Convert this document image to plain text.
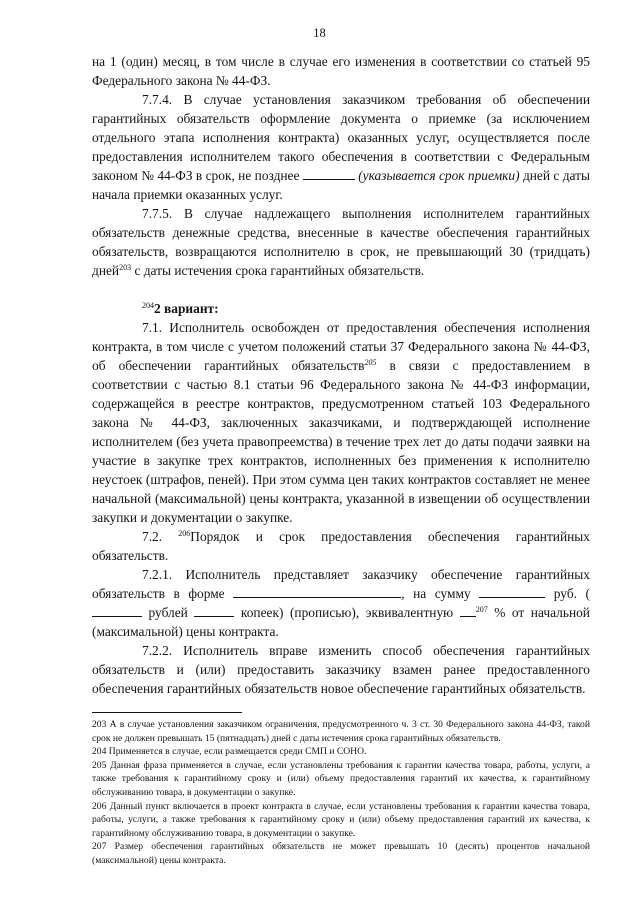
18

на 1 (один) месяц, в том числе в случае его изменения в соответствии со статьей 95 Федерального закона № 44-ФЗ.

7.7.4. В случае установления заказчиком требования об обеспечении гарантийных обязательств оформление документа о приемке (за исключением отдельного этапа исполнения контракта) оказанных услуг, осуществляется после предоставления исполнителем такого обеспечения в соответствии с Федеральным законом № 44-ФЗ в срок, не позднее	(указывается срок приемки) дней с даты начала приемки оказанных услуг.

7.7.5. В случае надлежащего выполнения исполнителем гарантийных обязательств денежные средства, внесенные в качестве обеспечения гарантийных обязательств, возвращаются исполнителю в срок, не превышающий 30 (тридцать) дней$^{203}$ с даты истечения срока гарантийных обязательств.

$^{204}$2 вариант:

7.1. Исполнитель освобожден от предоставления обеспечения исполнения контракта, в том числе с учетом положений статьи 37 Федерального закона № 44-ФЗ, об обеспечении гарантийных обязательств$^{205}$ в связи с предоставлением в соответствии с частью 8.1 статьи 96 Федерального закона № 44-ФЗ информации, содержащейся в реестре контрактов, предусмотренном статьей 103 Федерального закона № 44-ФЗ, заключенных заказчиками, и подтверждающей исполнение исполнителем (без учета правопреемства) в течение трех лет до даты подачи заявки на участие в закупке трех контрактов, исполненных без применения к исполнителю неустоек (штрафов, пеней). При этом сумма цен таких контрактов составляет не менее начальной (максимальной) цены контракта, указанной в извещении об осуществлении закупки и документации о закупке.

7.2. $^{206}$Порядок и срок предоставления обеспечения гарантийных обязательств.

7.2.1. Исполнитель представляет заказчику обеспечение гарантийных обязательств в форме	, на сумму	руб. ( рублей	копеек) (прописью), эквивалентную $^{207}$ % от начальной (максимальной) цены контракта.

7.2.2. Исполнитель вправе изменить способ обеспечения гарантийных обязательств и (или) предоставить заказчику взамен ранее предоставленного обеспечения гарантийных обязательств новое обеспечение гарантийных обязательств.

203 А в случае установления заказчиком ограничения, предусмотренного ч. 3 ст. 30 Федерального закона 44-ФЗ, такой срок не должен превышать 15 (пятнадцать) дней с даты истечения срока гарантийных обязательств.

204 Применяется в случае, если размещается среди СМП и СОНО.

205 Данная фраза применяется в случае, если установлены требования к гарантии качества товара, работы, услуги, а также требования к гарантийному сроку и (или) объему предоставления гарантий их качества, к гарантийному обслуживанию товара, в документации о закупке.

206 Данный пункт включается в проект контракта в случае, если установлены требования к гарантии качества товара, работы, услуги, а также требования к гарантийному сроку и (или) объему предоставления гарантий их качества, к гарантийному обслуживанию товара, в документации о закупке.

207 Размер обеспечения гарантийных обязательств не может превышать 10 (десять) процентов начальной (максимальной) цены контракта.
